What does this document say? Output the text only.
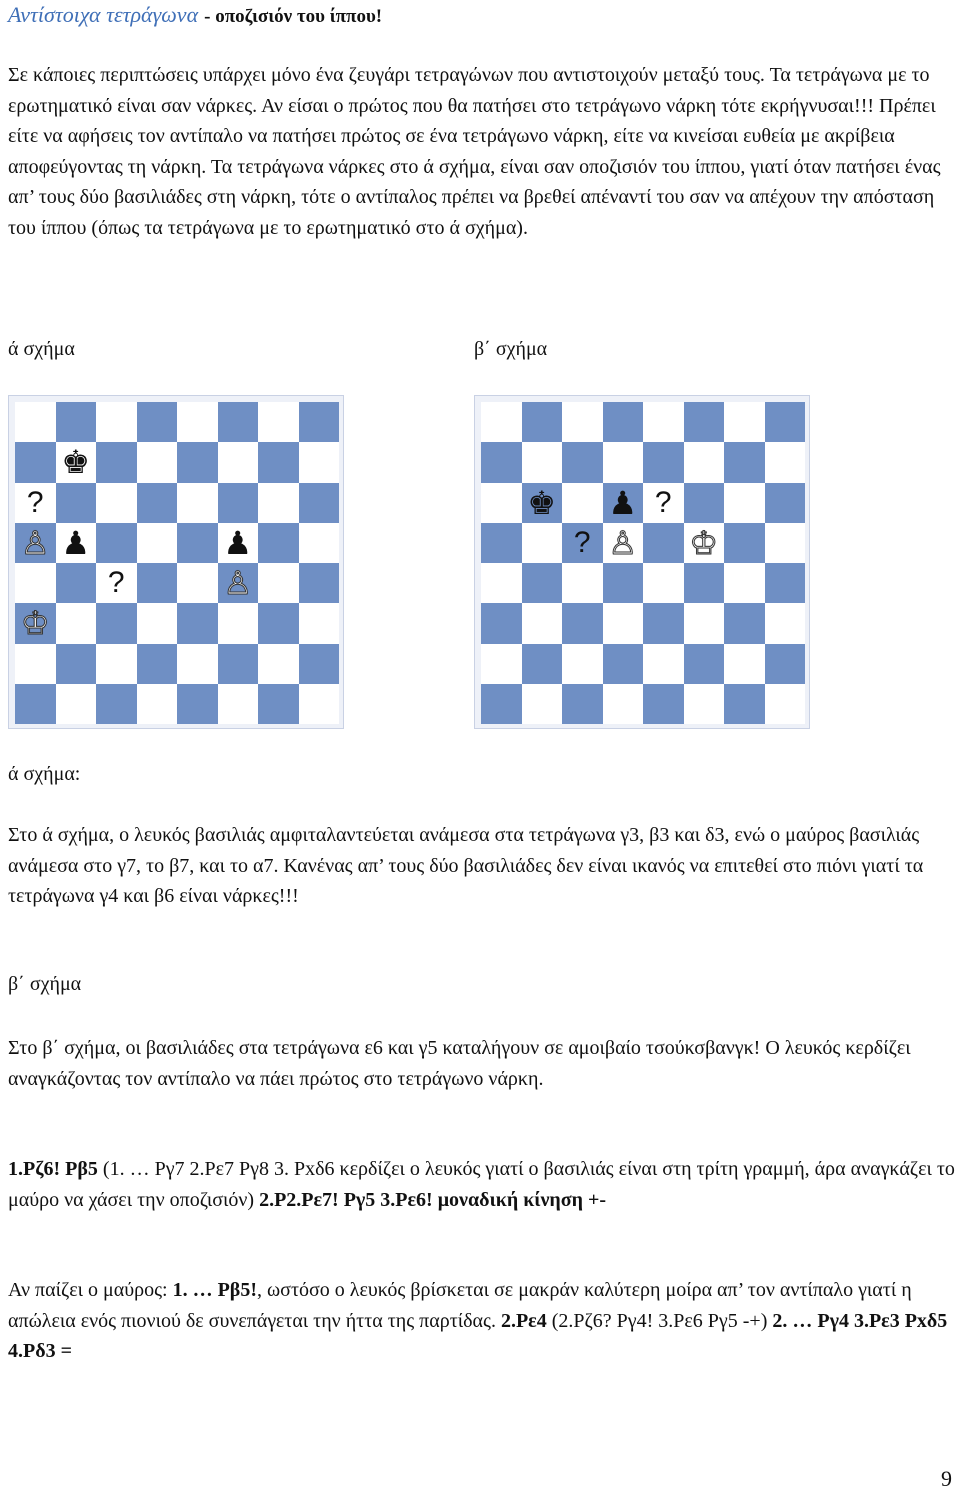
Αντίστοιχα τετράγωνα - οποζισιόν του ίππου!

Σε κάποιες περιπτώσεις υπάρχει μόνο ένα ζευγάρι τετραγώνων που αντιστοιχούν μεταξύ τους. Τα τετράγωνα με το ερωτηματικό είναι σαν νάρκες. Αν είσαι ο πρώτος που θα πατήσει στο τετράγωνο νάρκη τότε εκρήγνυσαι!!! Πρέπει είτε να αφήσεις τον αντίπαλο να πατήσει πρώτος σε ένα τετράγωνο νάρκη, είτε να κινείσαι ευθεία με ακρίβεια αποφεύγοντας τη νάρκη. Τα τετράγωνα νάρκες στο ά σχήμα, είναι σαν οποζισιόν του ίππου, γιατί όταν πατήσει ένας απ’ τους δύο βασιλιάδες στη νάρκη, τότε ο αντίπαλος πρέπει να βρεθεί απέναντί του σαν να απέχουν την απόσταση του ίππου (όπως τα τετράγωνα με το ερωτηματικό στο ά σχήμα).

ά σχήμα	β΄ σχήμα
♚
?
♙ ♟	♟
?	♙
♔
♚ ♟ ?
? ♙ ♔
ά σχήμα:

Στο ά σχήμα, ο λευκός βασιλιάς αμφιταλαντεύεται ανάμεσα στα τετράγωνα γ3, β3 και δ3, ενώ ο μαύρος βασιλιάς ανάμεσα στο γ7, το β7, και το α7. Κανένας απ’ τους δύο βασιλιάδες δεν είναι ικανός να επιτεθεί στο πιόνι γιατί τα τετράγωνα γ4 και β6 είναι νάρκες!!!

β΄ σχήμα

Στο β΄ σχήμα, οι βασιλιάδες στα τετράγωνα ε6 και γ5 καταλήγουν σε αμοιβαίο τσούκσβανγκ! Ο λευκός κερδίζει αναγκάζοντας τον αντίπαλο να πάει πρώτος στο τετράγωνο νάρκη.

1.Ρζ6! Ρβ5 (1. … Ργ7 2.Ρε7 Ργ8 3. Ρxδ6 κερδίζει ο λευκός γιατί ο βασιλιάς είναι στη τρίτη γραμμή, άρα αναγκάζει το μαύρο να χάσει την οποζισιόν) 2.Ρ2.Ρε7! Ργ5 3.Ρε6! μοναδική κίνηση +-

Αν παίζει ο μαύρος: 1. … Ρβ5!, ωστόσο ο λευκός βρίσκεται σε μακράν καλύτερη μοίρα απ’ τον αντίπαλο γιατί η απώλεια ενός πιονιού δε συνεπάγεται την ήττα της παρτίδας. 2.Ρε4 (2.Ρζ6? Ργ4! 3.Ρε6 Ργ5 -+) 2. … Ργ4 3.Ρε3 Ρxδ5 4.Ρδ3 =

9
